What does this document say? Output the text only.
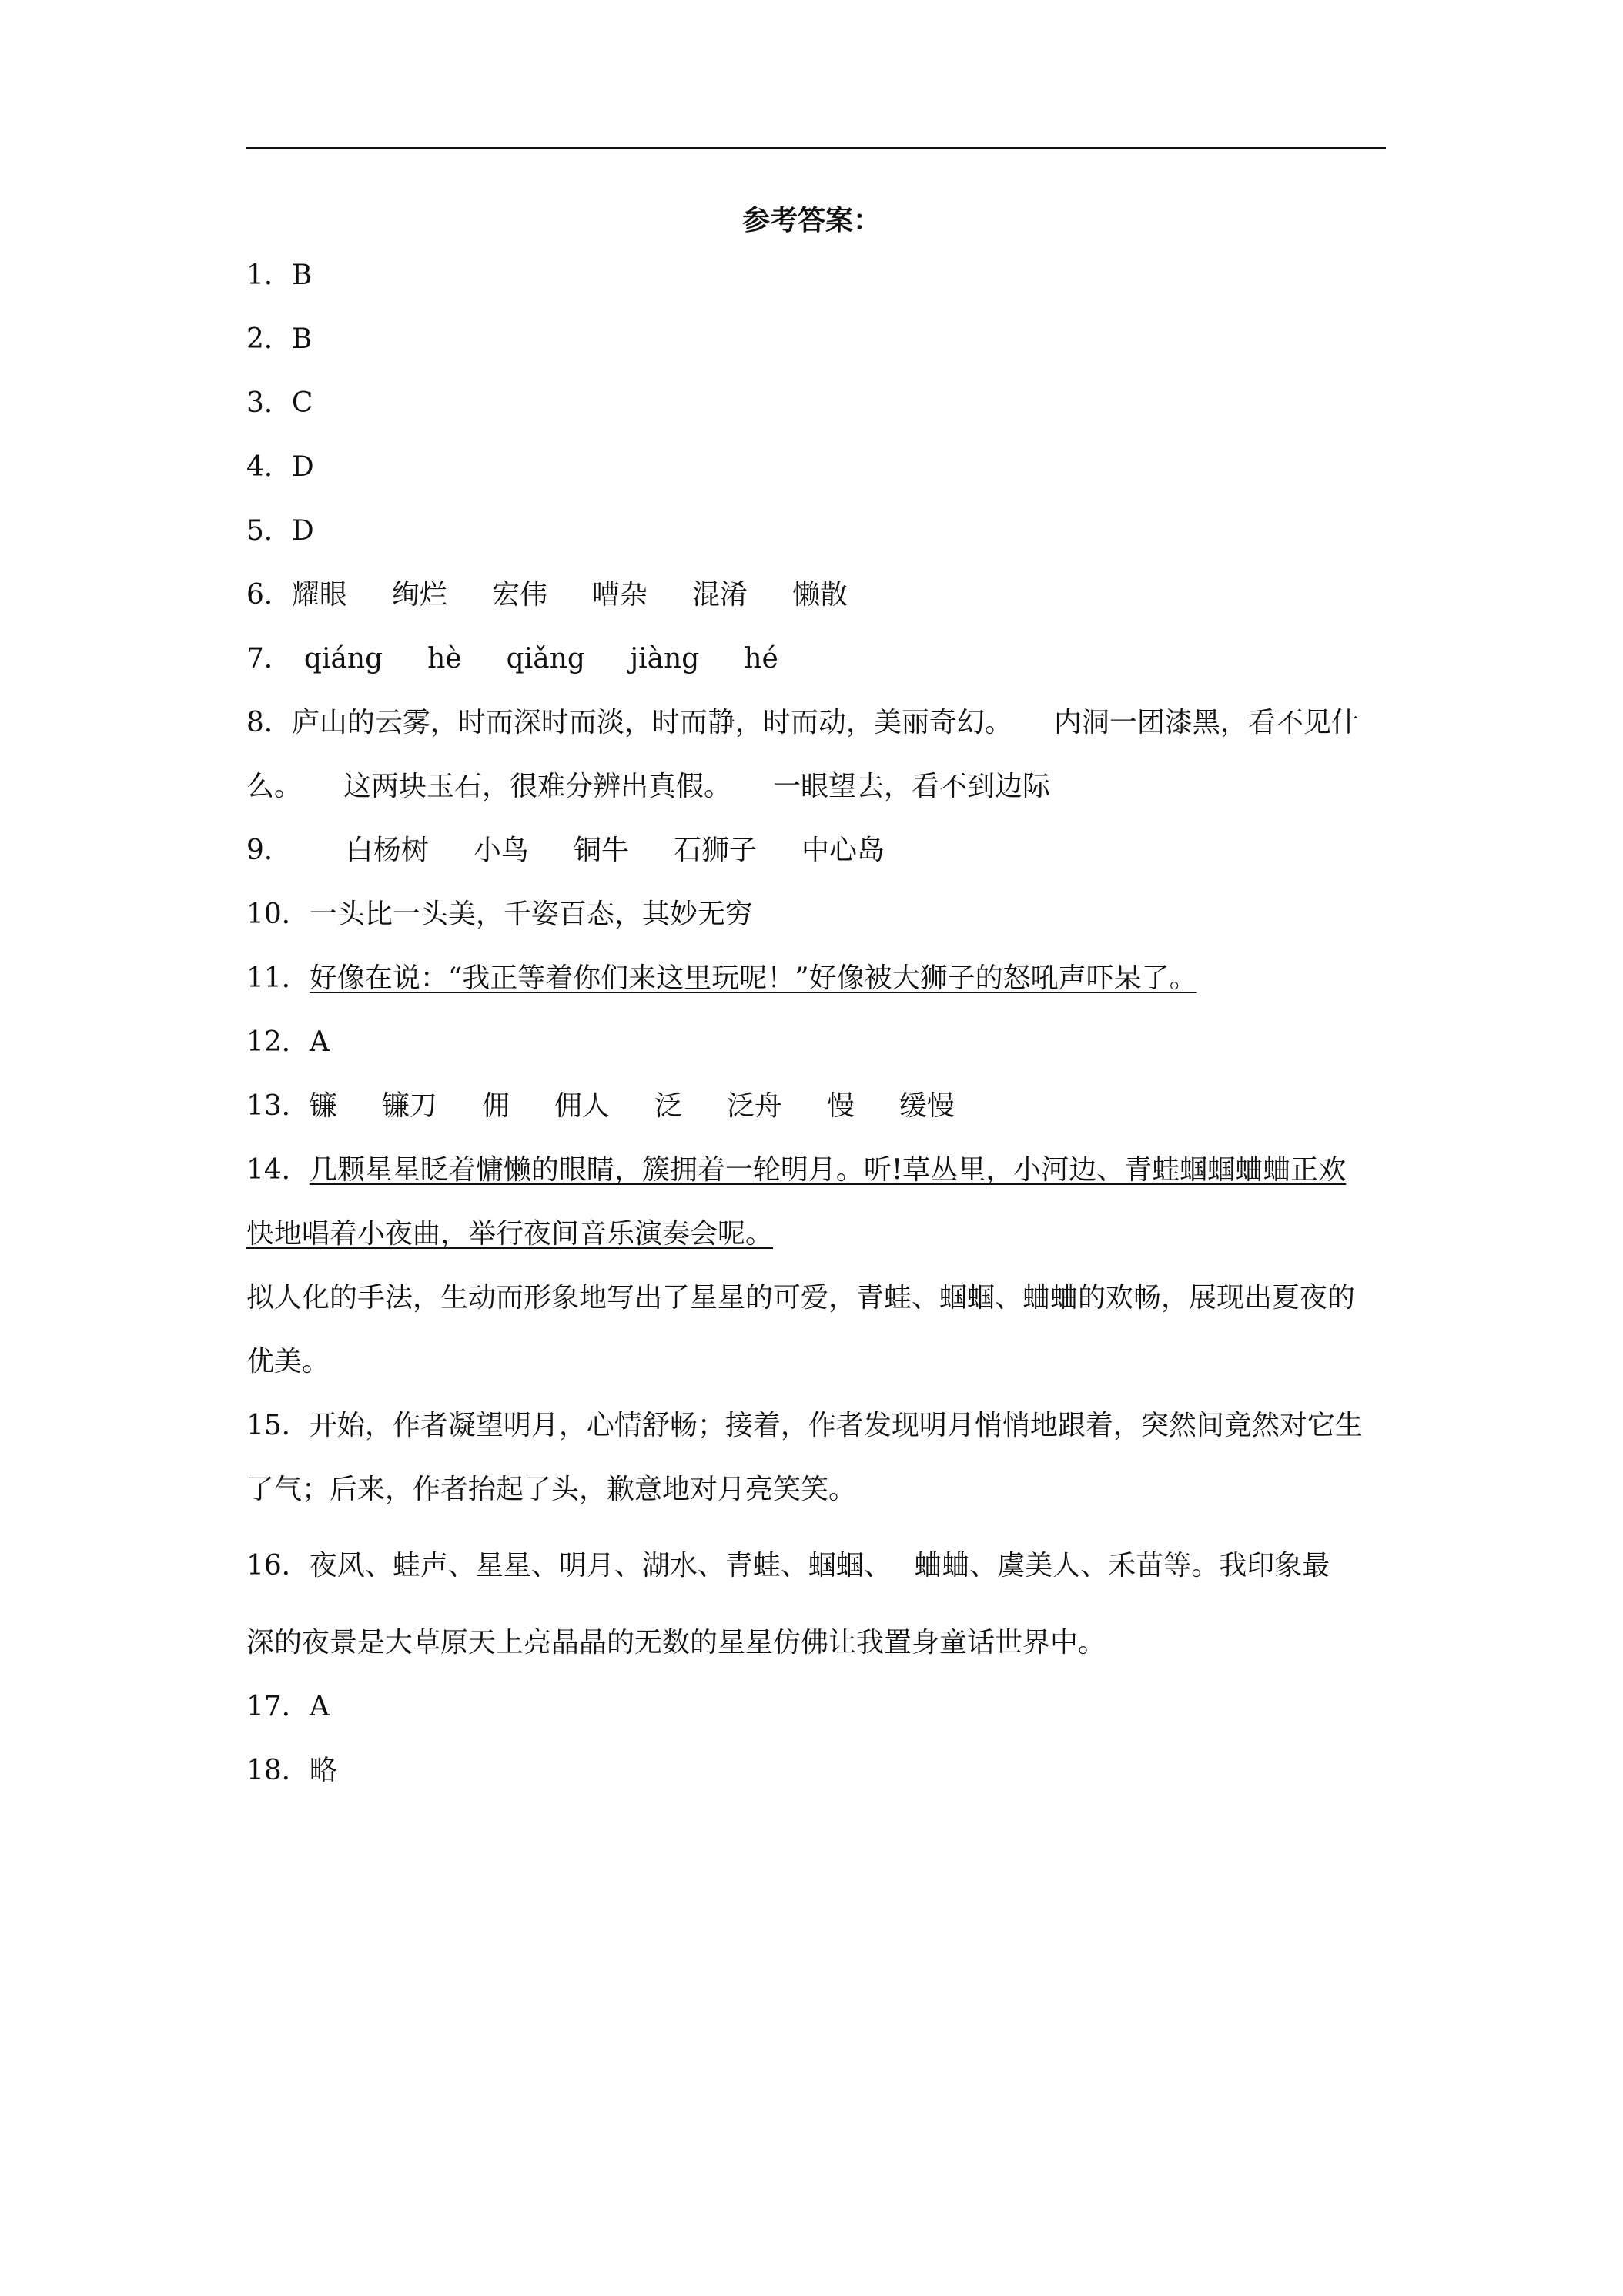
参考答案：
1．B
2．B
3．C
4．D
5．D
6．耀眼 绚烂 宏伟 嘈杂 混淆 懒散
7． qiáng hè qiǎng jiàng hé
8．庐山的云雾，时而深时而淡，时而静，时而动，美丽奇幻。　　内洞一团漆黑，看不见什
么。　　这两块玉石，很难分辨出真假。　　一眼望去，看不到边际
9． 白杨树 小鸟 铜牛 石狮子 中心岛
10．一头比一头美，千姿百态，其妙无穷
11．好像在说：“我正等着你们来这里玩呢！”好像被大狮子的怒吼声吓呆了。
12．A
13．镰 镰刀 佣 佣人 泛 泛舟 慢 缓慢
14．几颗星星眨着慵懒的眼睛，簇拥着一轮明月。听!草丛里，小河边、青蛙蝈蝈蛐蛐正欢
快地唱着小夜曲，举行夜间音乐演奏会呢。
拟人化的手法，生动而形象地写出了星星的可爱，青蛙、蝈蝈、蛐蛐的欢畅，展现出夏夜的
优美。
15．开始，作者凝望明月，心情舒畅；接着，作者发现明月悄悄地跟着，突然间竟然对它生
了气；后来，作者抬起了头，歉意地对月亮笑笑。
16．夜风、蛙声、星星、明月、湖水、青蛙、蝈蝈、　 蛐蛐、虞美人、禾苗等。我印象最
深的夜景是大草原天上亮晶晶的无数的星星仿佛让我置身童话世界中。
17．A
18．略
